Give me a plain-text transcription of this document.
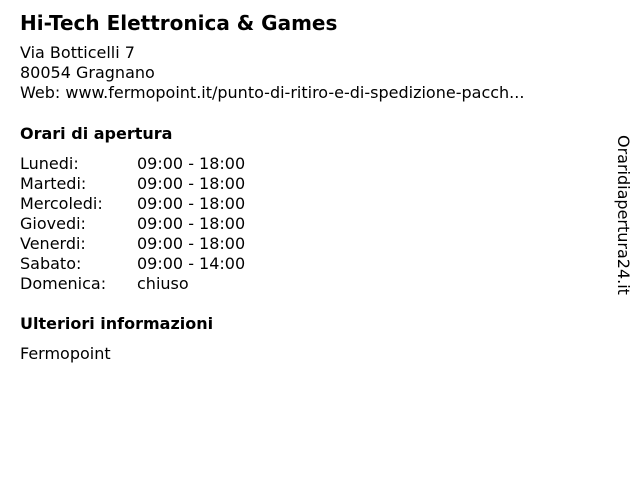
Hi-Tech Elettronica & Games
Via Botticelli 7
80054 Gragnano
Web: www.fermopoint.it/punto-di-ritiro-e-di-spedizione-pacch...
Orari di apertura
Lunedi:	09:00 - 18:00
Martedi:	09:00 - 18:00
Mercoledi:	09:00 - 18:00
Giovedi:	09:00 - 18:00
Venerdi:	09:00 - 18:00
Sabato:	09:00 - 14:00
Domenica:	chiuso
Ulteriori informazioni
Fermopoint
Oraridiapertura24.it
